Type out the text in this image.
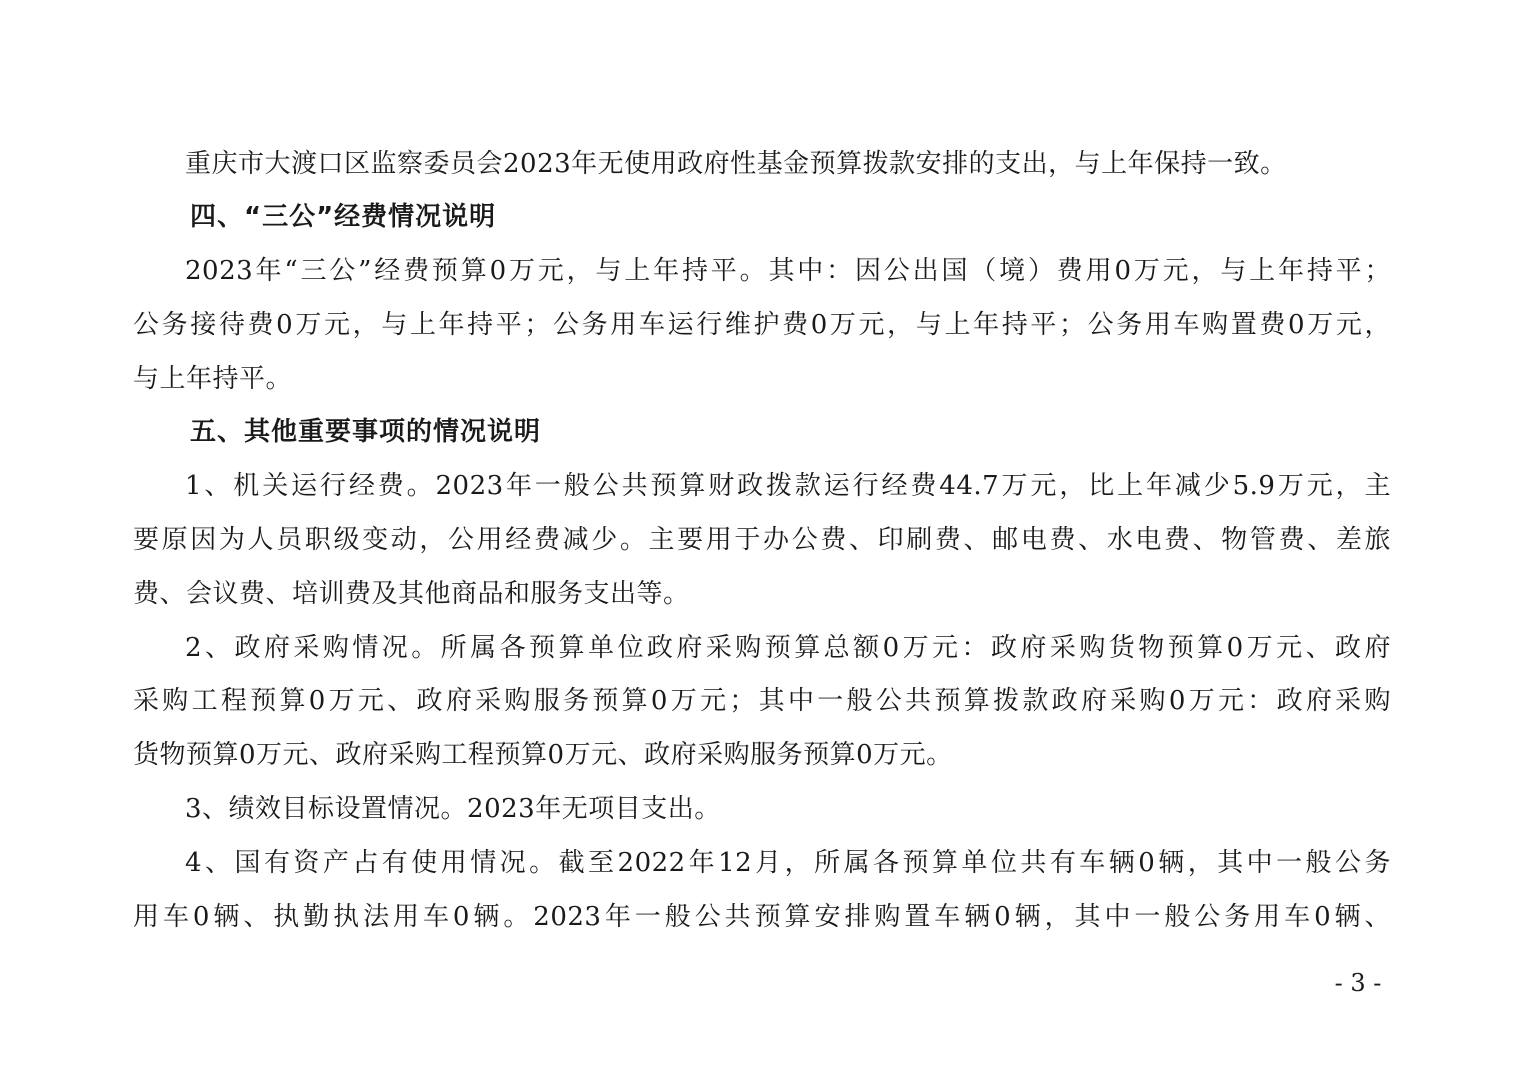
重庆市大渡口区监察委员会2023年无使用政府性基金预算拨款安排的支出，与上年保持一致。
四、“三公”经费情况说明
2023年“三公”经费预算0万元，与上年持平。其中：因公出国（境）费用0万元，与上年持平；
公务接待费0万元，与上年持平；公务用车运行维护费0万元，与上年持平；公务用车购置费0万元，
与上年持平。
五、其他重要事项的情况说明
1、机关运行经费。2023年一般公共预算财政拨款运行经费44.7万元，比上年减少5.9万元，主
要原因为人员职级变动，公用经费减少。主要用于办公费、印刷费、邮电费、水电费、物管费、差旅
费、会议费、培训费及其他商品和服务支出等。
2、政府采购情况。所属各预算单位政府采购预算总额0万元：政府采购货物预算0万元、政府
采购工程预算0万元、政府采购服务预算0万元；其中一般公共预算拨款政府采购0万元：政府采购
货物预算0万元、政府采购工程预算0万元、政府采购服务预算0万元。
3、绩效目标设置情况。2023年无项目支出。
4、国有资产占有使用情况。截至2022年12月，所属各预算单位共有车辆0辆，其中一般公务
用车0辆、执勤执法用车0辆。2023年一般公共预算安排购置车辆0辆，其中一般公务用车0辆、
- 3 -
